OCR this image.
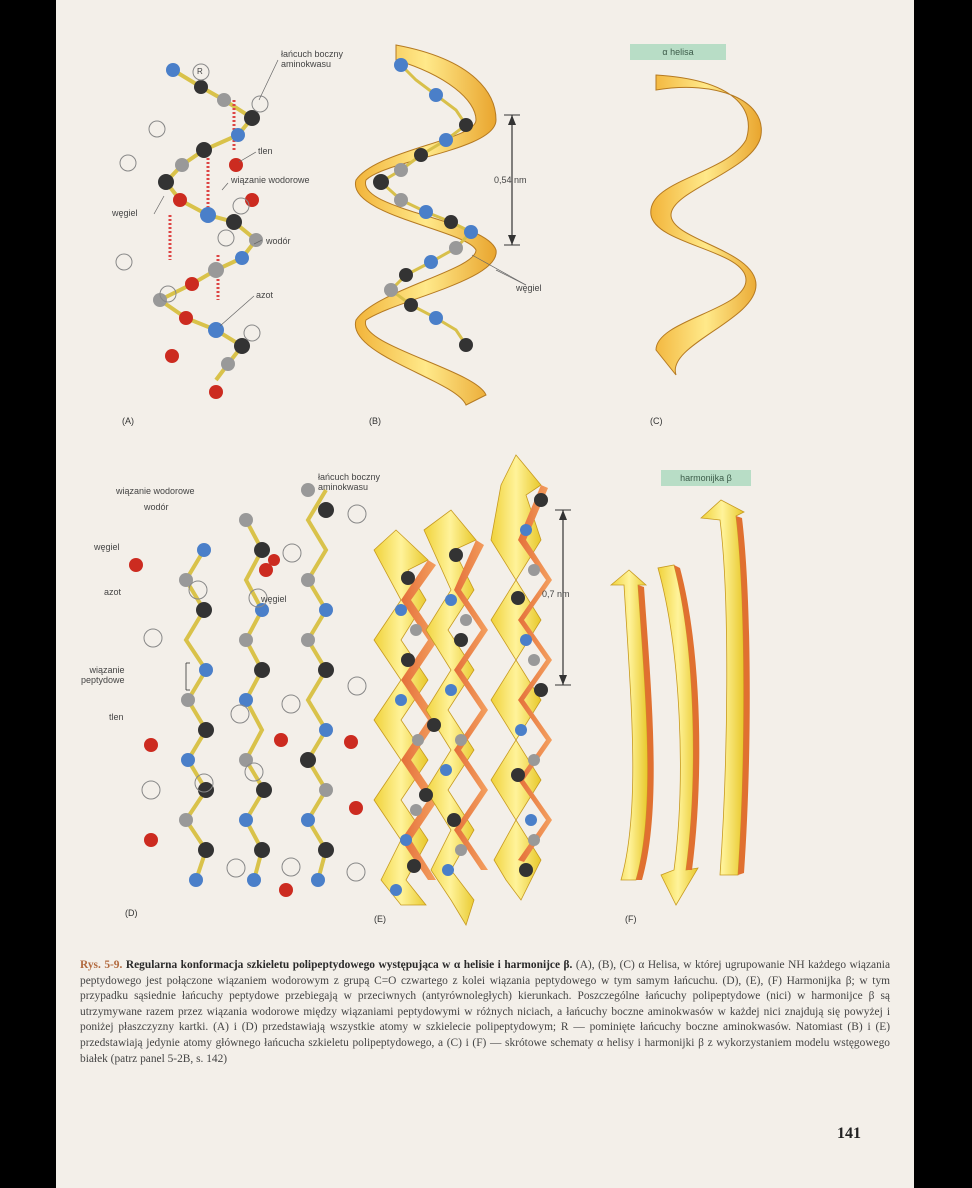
łańcuch boczny
aminokwasu
tlen
wiązanie wodorowe
węgiel
wodór
azot
R
(A)
0,54 nm
węgiel
(B)
α helisa
(C)
wiązanie wodorowe
wodór
łańcuch boczny
aminokwasu
węgiel
azot
węgiel
wiązanie
peptydowe
tlen
(D)
0,7 nm
(E)
harmonijka β
(F)
Rys. 5-9. Regularna konformacja szkieletu polipeptydowego występująca w α helisie i harmonijce β. (A), (B), (C) α Helisa, w której ugrupowanie NH każdego wiązania peptydowego jest połączone wiązaniem wodorowym z grupą C=O czwartego z kolei wiązania peptydowego w tym samym łańcuchu. (D), (E), (F) Harmonijka β; w tym przypadku sąsiednie łańcuchy peptydowe przebiegają w przeciwnych (antyrównoległych) kierunkach. Poszczególne łańcuchy polipeptydowe (nici) w harmonijce β są utrzymywane razem przez wiązania wodorowe między wiązaniami peptydowymi w różnych niciach, a łańcuchy boczne aminokwasów w każdej nici znajdują się powyżej i poniżej płaszczyzny kartki. (A) i (D) przedstawiają wszystkie atomy w szkielecie polipeptydowym; R — pominięte łańcuchy boczne aminokwasów. Natomiast (B) i (E) przedstawiają jedynie atomy głównego łańcucha szkieletu polipeptydowego, a (C) i (F) — skrótowe schematy α helisy i harmonijki β z wykorzystaniem modelu wstęgowego białek (patrz panel 5-2B, s. 142)
141
